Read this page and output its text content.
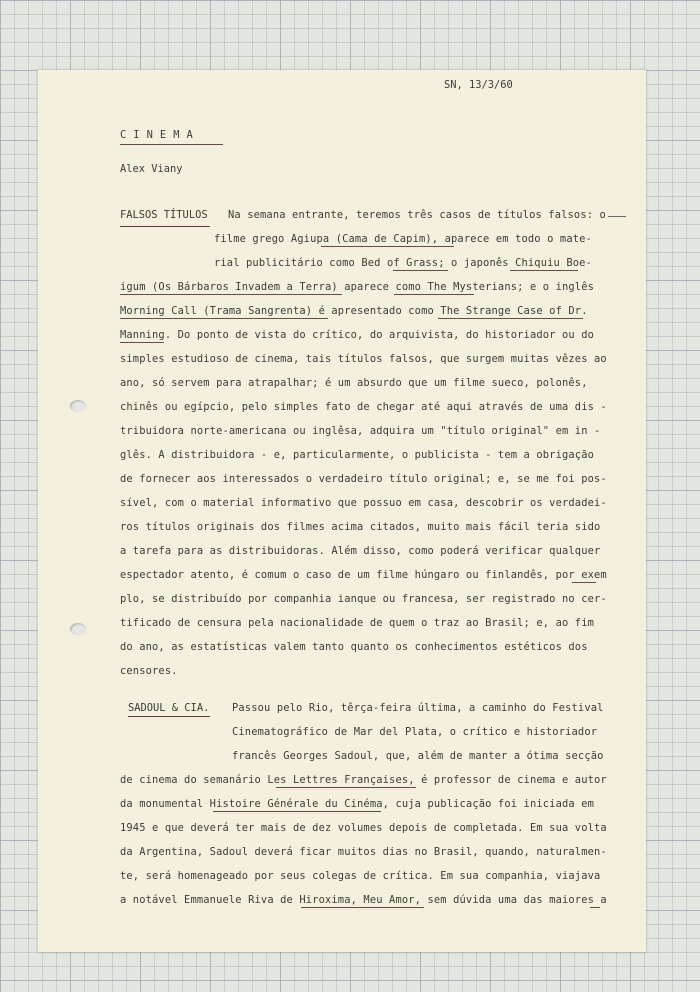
SN, 13/3/60
C I N E M A
Alex Viany
FALSOS TÍTULOS Na semana entrante, teremos três casos de títulos falsos: o
filme grego Agiupa (Cama de Capim), aparece em todo o mate-
rial publicitário como Bed of Grass; o japonês Chiquiu Boe-
igum (Os Bárbaros Invadem a Terra) aparece como The Mysterians; e o inglês
Morning Call (Trama Sangrenta) é apresentado como The Strange Case of Dr.
Manning. Do ponto de vista do crítico, do arquivista, do historiador ou do
simples estudioso de cinema, tais títulos falsos, que surgem muitas vêzes ao
ano, só servem para atrapalhar; é um absurdo que um filme sueco, polonês,
chinês ou egípcio, pelo simples fato de chegar até aqui através de uma dis -
tribuidora norte-americana ou inglêsa, adquira um "título original" em in -
glês. A distribuidora - e, particularmente, o publicista - tem a obrigação
de fornecer aos interessados o verdadeiro título original; e, se me foi pos-
sível, com o material informativo que possuo em casa, descobrir os verdadei-
ros títulos originais dos filmes acima citados, muito mais fácil teria sido
a tarefa para as distribuidoras. Além disso, como poderá verificar qualquer
espectador atento, é comum o caso de um filme húngaro ou finlandês, por exem
plo, se distribuído por companhia ianque ou francesa, ser registrado no cer-
tificado de censura pela nacionalidade de quem o traz ao Brasil; e, ao fim
do ano, as estatísticas valem tanto quanto os conhecimentos estéticos dos
censores.
SADOUL & CIA. Passou pelo Rio, têrça-feira última, a caminho do Festival
Cinematográfico de Mar del Plata, o crítico e historiador
francês Georges Sadoul, que, além de manter a ótima secção
de cinema do semanário Les Lettres Françaises, é professor de cinema e autor
da monumental Histoire Générale du Cinéma, cuja publicação foi iniciada em
1945 e que deverá ter mais de dez volumes depois de completada. Em sua volta
da Argentina, Sadoul deverá ficar muitos dias no Brasil, quando, naturalmen-
te, será homenageado por seus colegas de crítica. Em sua companhia, viajava
a notável Emmanuele Riva de Hiroxima, Meu Amor, sem dúvida uma das maiores a
